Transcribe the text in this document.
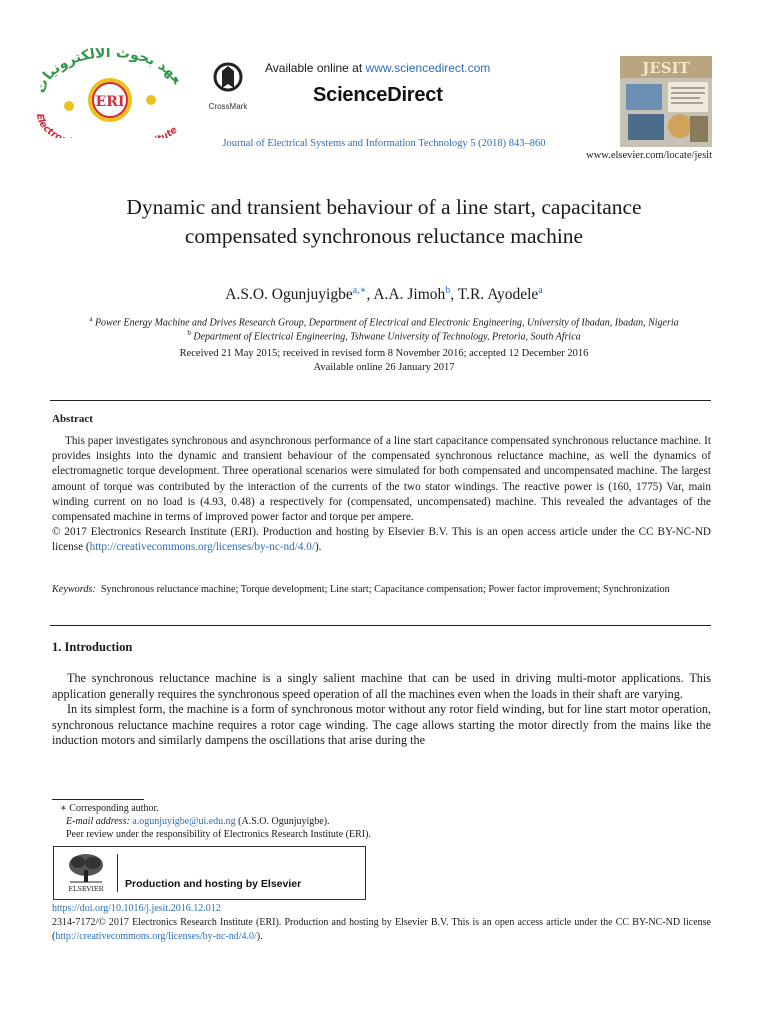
عهد بحوث الالكترونيات
ERI
Electro ute
CrossMark
Available online at www.sciencedirect.com
ScienceDirect
Journal of Electrical Systems and Information Technology 5 (2018) 843–860
JESIT
www.elsevier.com/locate/jesit
Dynamic and transient behaviour of a line start, capacitance
compensated synchronous reluctance machine
A.S.O. Ogunjuyigbe$^{a,∗}$, A.A. Jimoh$^b$, T.R. Ayodele$^a$
$^a$ Power Energy Machine and Drives Research Group, Department of Electrical and Electronic Engineering, University of Ibadan, Ibadan, Nigeria
$^b$ Department of Electrical Engineering, Tshwane University of Technology, Pretoria, South Africa
Received 21 May 2015; received in revised form 8 November 2016; accepted 12 December 2016
Available online 26 January 2017
Abstract

This paper investigates synchronous and asynchronous performance of a line start capacitance compensated synchronous reluctance machine. It provides insights into the dynamic and transient behaviour of the compensated synchronous reluctance machine, as well the dynamics of electromagnetic torque development. Three operational scenarios were simulated for both compensated and uncompensated machine. The largest amount of torque was contributed by the interaction of the currents of the two stator windings. The reactive power is (160, 1775) Var, main winding current on no load is (4.93, 0.48) a respectively for (compensated, uncompensated) machine. This revealed the advantages of the compensated machine in terms of improved power factor and torque per ampere.

© 2017 Electronics Research Institute (ERI). Production and hosting by Elsevier B.V. This is an open access article under the CC BY-NC-ND license (http://creativecommons.org/licenses/by-nc-nd/4.0/).

Keywords: Synchronous reluctance machine; Torque development; Line start; Capacitance compensation; Power factor improvement; Synchronization
1. Introduction

The synchronous reluctance machine is a singly salient machine that can be used in driving multi-motor applications. This application generally requires the synchronous speed operation of all the machines even when the loads in their shaft are varying.

In its simplest form, the machine is a form of synchronous motor without any rotor field winding, but for line start motor operation, synchronous reluctance machine requires a rotor cage winding. The cage allows starting the motor directly from the mains like the induction motors and similarly dampens the oscillations that arise during the

∗ Corresponding author.
E-mail address: a.ogunjuyigbe@ui.edu.ng (A.S.O. Ogunjuyigbe).
Peer review under the responsibility of Electronics Research Institute (ERI).
ELSEVIER Production and hosting by Elsevier
https://doi.org/10.1016/j.jesit.2016.12.012
2314-7172/© 2017 Electronics Research Institute (ERI). Production and hosting by Elsevier B.V. This is an open access article under the CC BY-NC-ND license (http://creativecommons.org/licenses/by-nc-nd/4.0/).
